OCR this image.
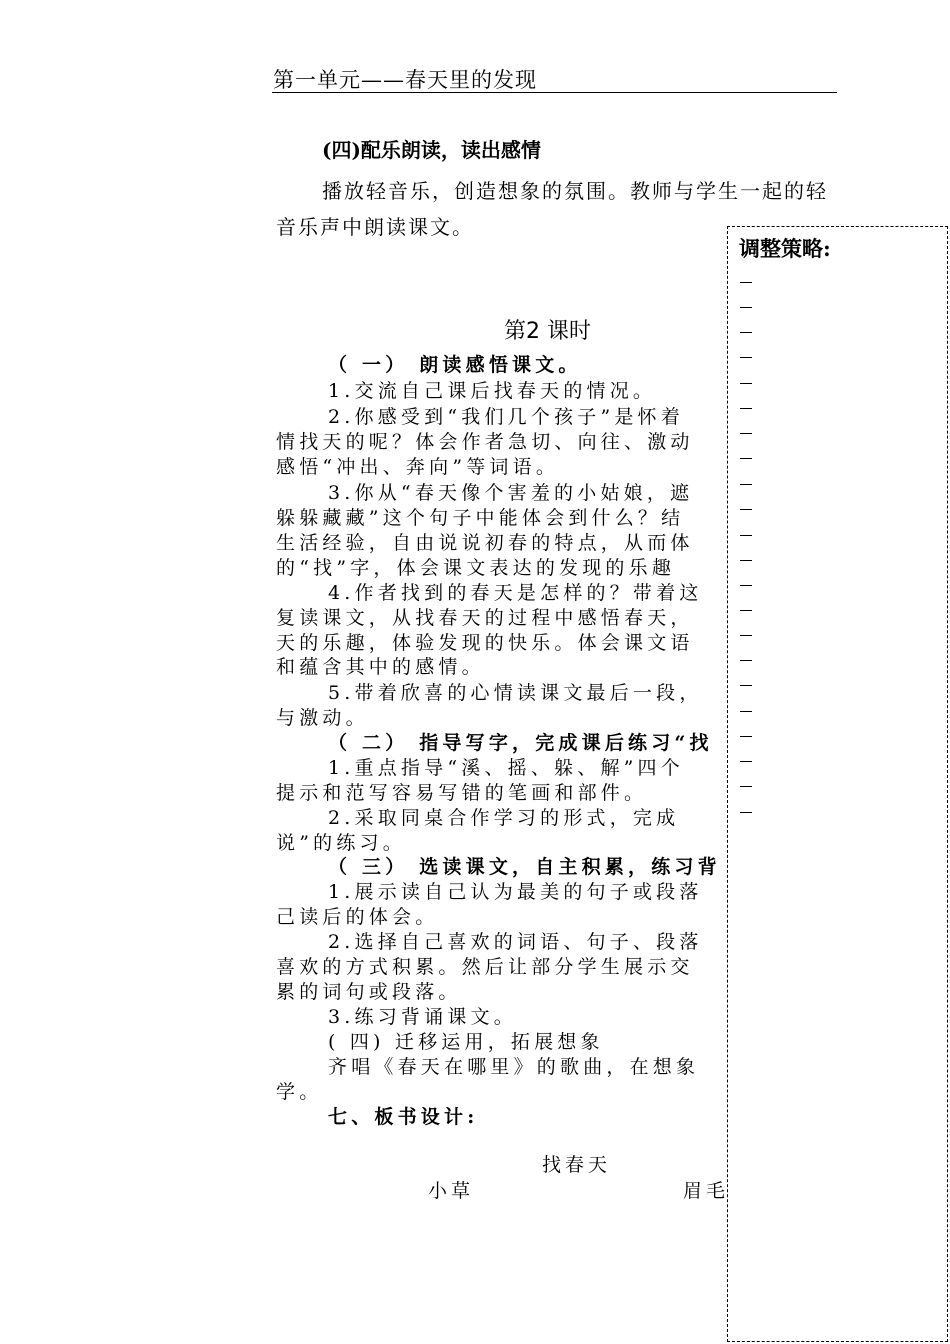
第一单元——春天里的发现
(四)配乐朗读，读出感情
播放轻音乐，创造想象的氛围。教师与学生一起的轻
音乐声中朗读课文。
第2 课时
（ 一） 朗读感悟课文。
1.交流自己课后找春天的情况。
2.你感受到“我们几个孩子”是怀着
情找天的呢？体会作者急切、向往、激动
感悟“冲出、奔向”等词语。
3.你从“春天像个害羞的小姑娘，遮
躲躲藏藏”这个句子中能体会到什么？结
生活经验，自由说说初春的特点，从而体
的“找”字，体会课文表达的发现的乐趣
4.作者找到的春天是怎样的？带着这
复读课文，从找春天的过程中感悟春天，
天的乐趣，体验发现的快乐。体会课文语
和蕴含其中的感情。
5.带着欣喜的心情读课文最后一段，
与激动。
（ 二） 指导写字，完成课后练习“找
1.重点指导“溪、摇、躲、解”四个
提示和范写容易写错的笔画和部件。
2.采取同桌合作学习的形式，完成
说”的练习。
（ 三） 选读课文，自主积累，练习背
1.展示读自己认为最美的句子或段落
己读后的体会。
2.选择自己喜欢的词语、句子、段落
喜欢的方式积累。然后让部分学生展示交
累的词句或段落。
3.练习背诵课文。
( 四) 迁移运用，拓展想象
齐唱《春天在哪里》的歌曲，在想象
学。
七、板书设计:
找春天
小草	眉毛
调整策略:
